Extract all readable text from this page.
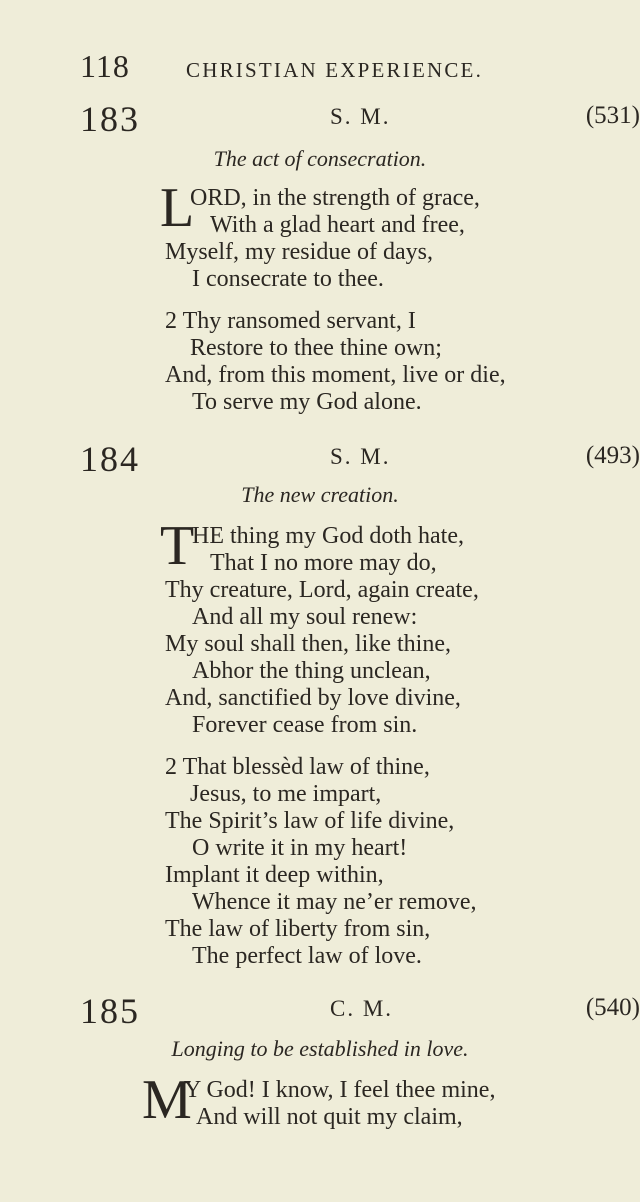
118	CHRISTIAN EXPERIENCE.
183	S. M.	(531)
The act of consecration.
L
ORD, in the strength of grace,
With a glad heart and free,
Myself, my residue of days,
I consecrate to thee.
2 Thy ransomed servant, I
Restore to thee thine own;
And, from this moment, live or die,
To serve my God alone.
184	S. M.	(493)
The new creation.
T
HE thing my God doth hate,
That I no more may do,
Thy creature, Lord, again create,
And all my soul renew:
My soul shall then, like thine,
Abhor the thing unclean,
And, sanctified by love divine,
Forever cease from sin.
2 That blessèd law of thine,
Jesus, to me impart,
The Spirit’s law of life divine,
O write it in my heart!
Implant it deep within,
Whence it may ne’er remove,
The law of liberty from sin,
The perfect law of love.
185	C. M.	(540)
Longing to be established in love.
M
Y God! I know, I feel thee mine,
And will not quit my claim,
